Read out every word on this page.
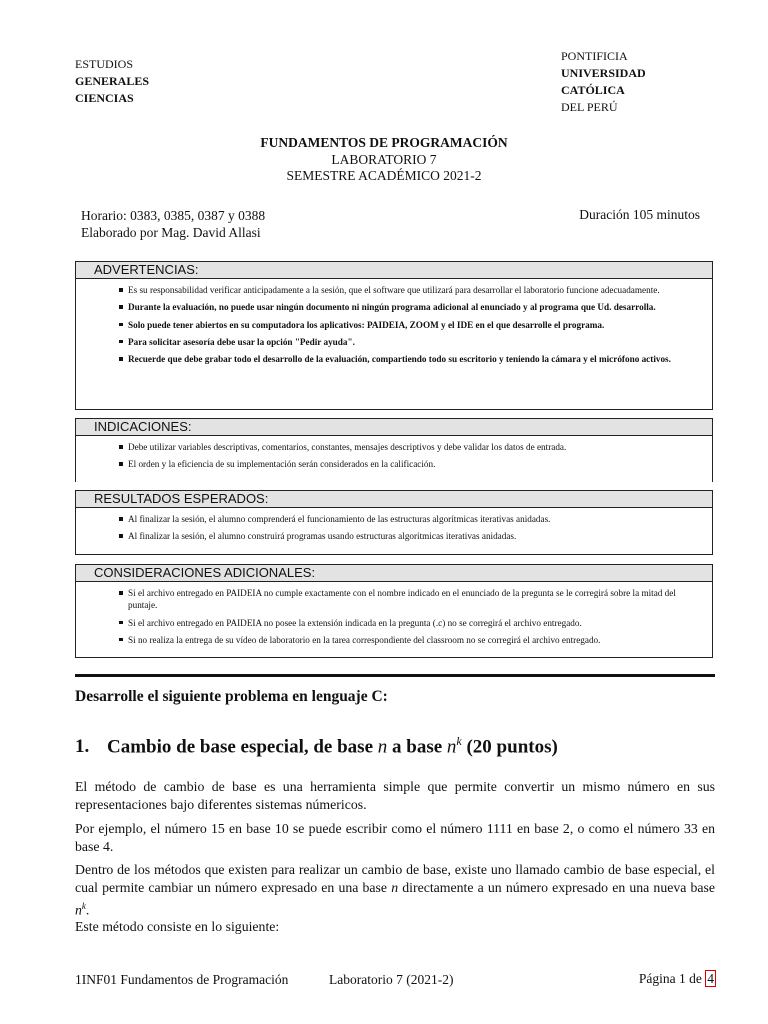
ESTUDIOS
GENERALES
CIENCIAS
PONTIFICIA
UNIVERSIDAD
CATÓLICA
DEL PERÚ
FUNDAMENTOS DE PROGRAMACIÓN
LABORATORIO 7
SEMESTRE ACADÉMICO 2021-2
Horario: 0383, 0385, 0387 y 0388
Elaborado por Mag. David Allasi
Duración 105 minutos
ADVERTENCIAS:
Es su responsabilidad verificar anticipadamente a la sesión, que el software que utilizará para desarrollar el laboratorio funcione adecuadamente.
Durante la evaluación, no puede usar ningún documento ni ningún programa adicional al enunciado y al programa que Ud. desarrolla.
Solo puede tener abiertos en su computadora los aplicativos: PAIDEIA, ZOOM y el IDE en el que desarrolle el programa.
Para solicitar asesoría debe usar la opción "Pedir ayuda".
Recuerde que debe grabar todo el desarrollo de la evaluación, compartiendo todo su escritorio y teniendo la cámara y el micrófono activos.
INDICACIONES:
Debe utilizar variables descriptivas, comentarios, constantes, mensajes descriptivos y debe validar los datos de entrada.
El orden y la eficiencia de su implementación serán considerados en la calificación.
RESULTADOS ESPERADOS:
Al finalizar la sesión, el alumno comprenderá el funcionamiento de las estructuras algorítmicas iterativas anidadas.
Al finalizar la sesión, el alumno construirá programas usando estructuras algorítmicas iterativas anidadas.
CONSIDERACIONES ADICIONALES:
Si el archivo entregado en PAIDEIA no cumple exactamente con el nombre indicado en el enunciado de la pregunta se le corregirá sobre la mitad del puntaje.
Si el archivo entregado en PAIDEIA no posee la extensión indicada en la pregunta (.c) no se corregirá el archivo entregado.
Si no realiza la entrega de su vídeo de laboratorio en la tarea correspondiente del classroom no se corregirá el archivo entregado.
Desarrolle el siguiente problema en lenguaje C:
1. Cambio de base especial, de base n a base $n^k$ (20 puntos)
El método de cambio de base es una herramienta simple que permite convertir un mismo número en sus representaciones bajo diferentes sistemas númericos.
Por ejemplo, el número 15 en base 10 se puede escribir como el número 1111 en base 2, o como el número 33 en base 4.
Dentro de los métodos que existen para realizar un cambio de base, existe uno llamado cambio de base especial, el cual permite cambiar un número expresado en una base n directamente a un número expresado en una nueva base $n^k$.
Este método consiste en lo siguiente:
1INF01 Fundamentos de Programación	Laboratorio 7 (2021-2)	Página 1 de 4
